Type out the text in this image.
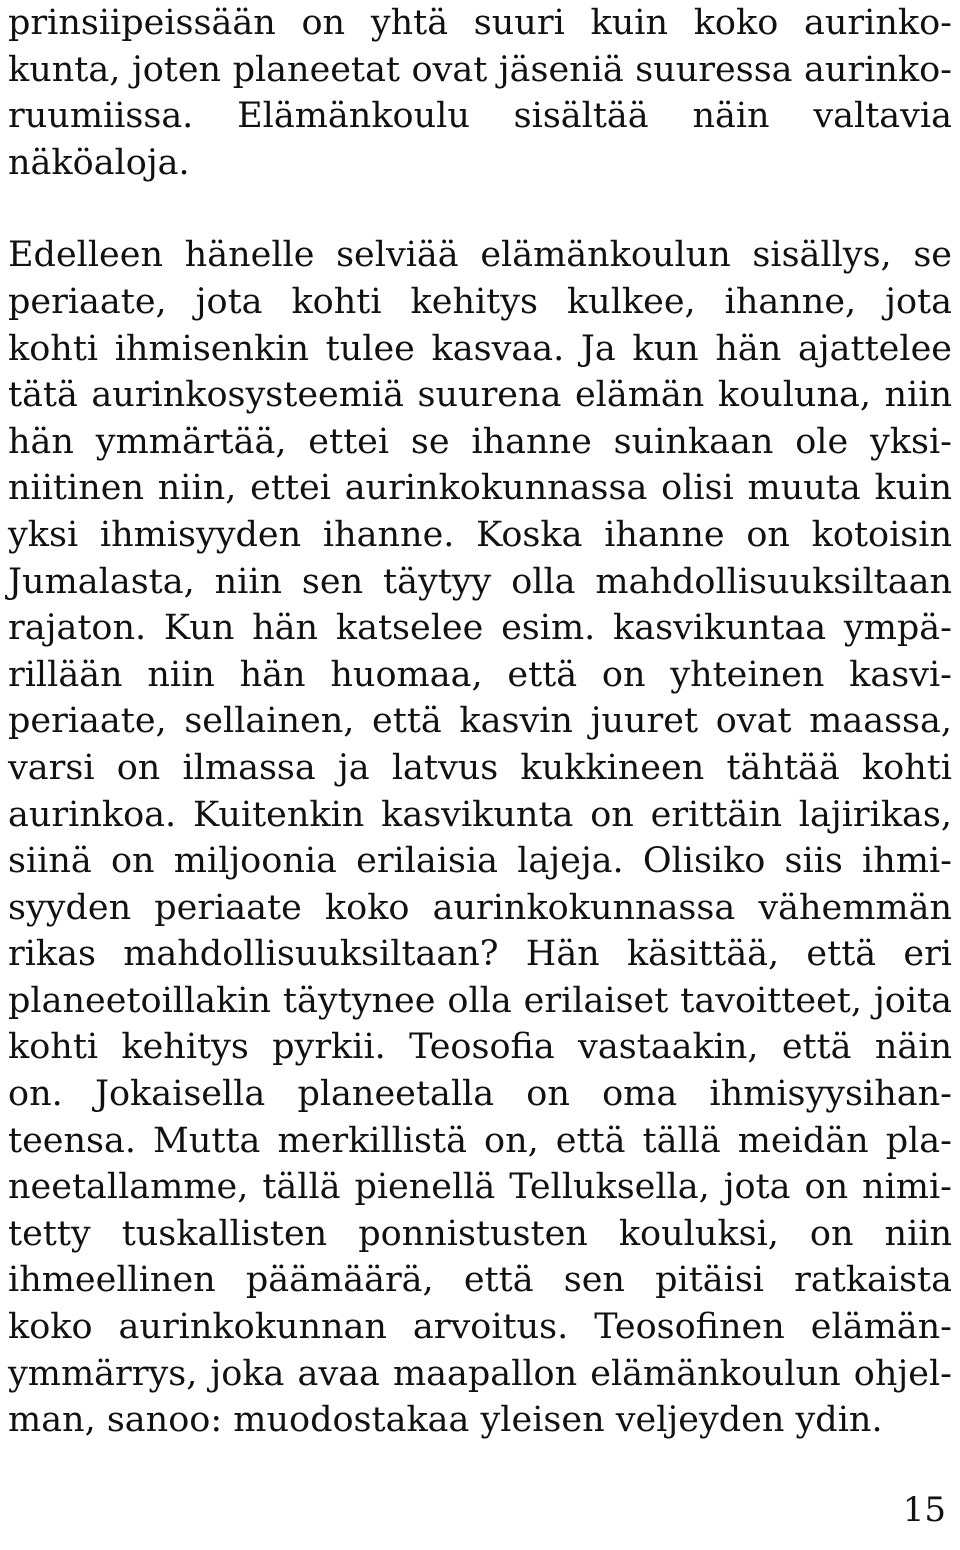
prinsiipeissään on yhtä suuri kuin koko aurinko-
kunta, joten planeetat ovat jäseniä suuressa aurinko-
ruumiissa. Elämänkoulu sisältää näin valtavia
näköaloja.
Edelleen hänelle selviää elämänkoulun sisällys, se
periaate, jota kohti kehitys kulkee, ihanne, jota
kohti ihmisenkin tulee kasvaa. Ja kun hän ajattelee
tätä aurinkosysteemiä suurena elämän kouluna, niin
hän ymmärtää, ettei se ihanne suinkaan ole yksi-
niitinen niin, ettei aurinkokunnassa olisi muuta kuin
yksi ihmisyyden ihanne. Koska ihanne on kotoisin
Jumalasta, niin sen täytyy olla mahdollisuuksiltaan
rajaton. Kun hän katselee esim. kasvikuntaa ympä-
rillään niin hän huomaa, että on yhteinen kasvi-
periaate, sellainen, että kasvin juuret ovat maassa,
varsi on ilmassa ja latvus kukkineen tähtää kohti
aurinkoa. Kuitenkin kasvikunta on erittäin lajirikas,
siinä on miljoonia erilaisia lajeja. Olisiko siis ihmi-
syyden periaate koko aurinkokunnassa vähemmän
rikas mahdollisuuksiltaan? Hän käsittää, että eri
planeetoillakin täytynee olla erilaiset tavoitteet, joita
kohti kehitys pyrkii. Teosofia vastaakin, että näin
on. Jokaisella planeetalla on oma ihmisyysihan-
teensa. Mutta merkillistä on, että tällä meidän pla-
neetallamme, tällä pienellä Telluksella, jota on nimi-
tetty tuskallisten ponnistusten kouluksi, on niin
ihmeellinen päämäärä, että sen pitäisi ratkaista
koko aurinkokunnan arvoitus. Teosofinen elämän-
ymmärrys, joka avaa maapallon elämänkoulun ohjel-
man, sanoo: muodostakaa yleisen veljeyden ydin.
15
